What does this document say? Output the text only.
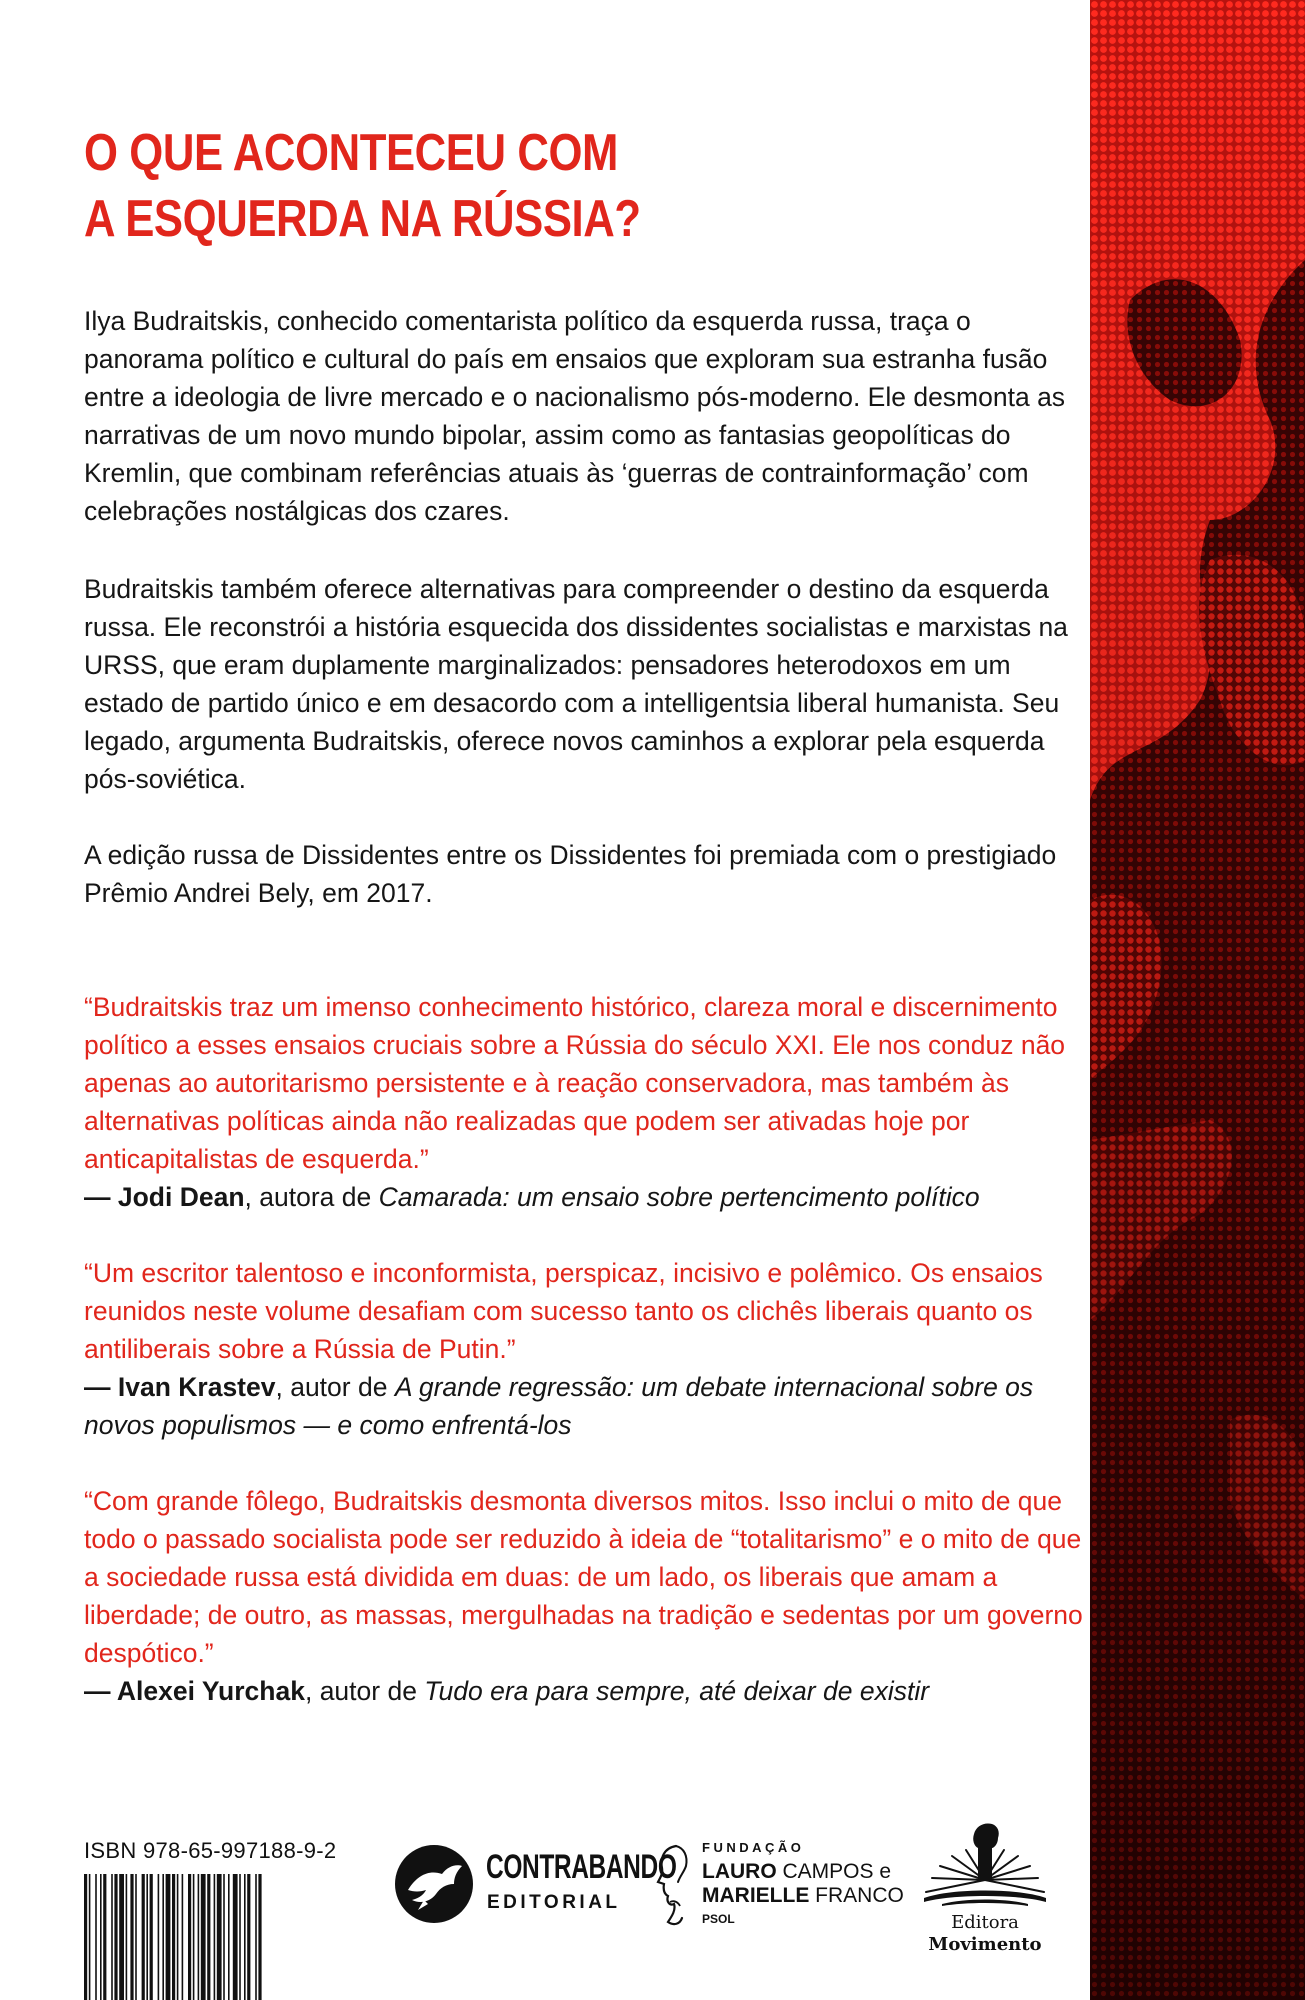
O QUE ACONTECEU COM
A ESQUERDA NA RÚSSIA?

Ilya Budraitskis, conhecido comentarista político da esquerda russa, traça o panorama político e cultural do país em ensaios que exploram sua estranha fusão entre a ideologia de livre mercado e o nacionalismo pós-moderno. Ele desmonta as narrativas de um novo mundo bipolar, assim como as fantasias geopolíticas do Kremlin, que combinam referências atuais às ‘guerras de contrainformação’ com celebrações nostálgicas dos czares.

Budraitskis também oferece alternativas para compreender o destino da esquerda russa. Ele reconstrói a história esquecida dos dissidentes socialistas e marxistas na URSS, que eram duplamente marginalizados: pensadores heterodoxos em um estado de partido único e em desacordo com a intelligentsia liberal humanista. Seu legado, argumenta Budraitskis, oferece novos caminhos a explorar pela esquerda pós-soviética.

A edição russa de Dissidentes entre os Dissidentes foi premiada com o prestigiado Prêmio Andrei Bely, em 2017.

“Budraitskis traz um imenso conhecimento histórico, clareza moral e discernimento político a esses ensaios cruciais sobre a Rússia do século XXI. Ele nos conduz não apenas ao autoritarismo persistente e à reação conservadora, mas também às alternativas políticas ainda não realizadas que podem ser ativadas hoje por anticapitalistas de esquerda.”
— Jodi Dean, autora de Camarada: um ensaio sobre pertencimento político
“Um escritor talentoso e inconformista, perspicaz, incisivo e polêmico. Os ensaios reunidos neste volume desafiam com sucesso tanto os clichês liberais quanto os antiliberais sobre a Rússia de Putin.”
— Ivan Krastev, autor de A grande regressão: um debate internacional sobre os novos populismos — e como enfrentá-los
“Com grande fôlego, Budraitskis desmonta diversos mitos. Isso inclui o mito de que todo o passado socialista pode ser reduzido à ideia de “totalitarismo” e o mito de que a sociedade russa está dividida em duas: de um lado, os liberais que amam a liberdade; de outro, as massas, mergulhadas na tradição e sedentas por um governo despótico.”
— Alexei Yurchak, autor de Tudo era para sempre, até deixar de existir
ISBN 978-65-997188-9-2	CONTRABANDO
EDITORIAL
FUNDAÇÃO
LAURO CAMPOS e
MARIELLE FRANCO
PSOL	Editora
Movimento
